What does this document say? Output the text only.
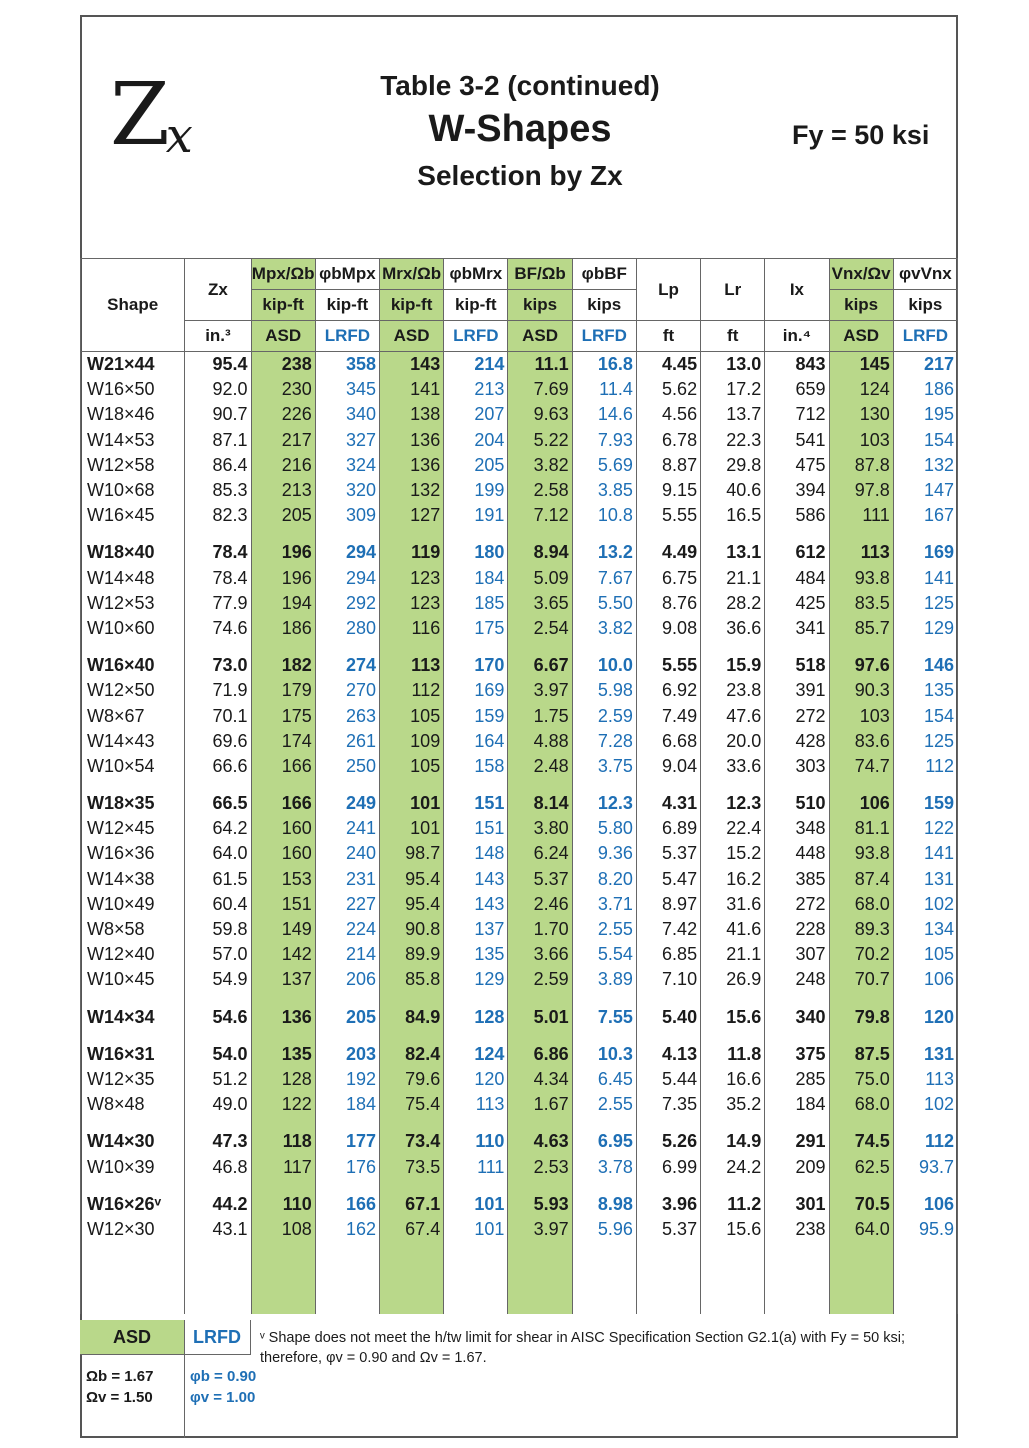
Zx
Table 3-2 (continued)
W-Shapes
Selection by Zx
Fy = 50 ksi
Shape	Zx	Mpx/Ωb	φbMpx	Mrx/Ωb	φbMrx	BF/Ωb	φbBF	Lp	Lr	Ix	Vnx/Ωv	φvVnx
		kip-ft	kip-ft	kip-ft	kip-ft	kips	kips				kips	kips
	in.³	ASD	LRFD	ASD	LRFD	ASD	LRFD	ft	ft	in.⁴	ASD	LRFD
W21×44	95.4	238	358	143	214	11.1	16.8	4.45	13.0	843	145	217
W16×50	92.0	230	345	141	213	7.69	11.4	5.62	17.2	659	124	186
W18×46	90.7	226	340	138	207	9.63	14.6	4.56	13.7	712	130	195
W14×53	87.1	217	327	136	204	5.22	7.93	6.78	22.3	541	103	154
W12×58	86.4	216	324	136	205	3.82	5.69	8.87	29.8	475	87.8	132
W10×68	85.3	213	320	132	199	2.58	3.85	9.15	40.6	394	97.8	147
W16×45	82.3	205	309	127	191	7.12	10.8	5.55	16.5	586	111	167
W18×40	78.4	196	294	119	180	8.94	13.2	4.49	13.1	612	113	169
W14×48	78.4	196	294	123	184	5.09	7.67	6.75	21.1	484	93.8	141
W12×53	77.9	194	292	123	185	3.65	5.50	8.76	28.2	425	83.5	125
W10×60	74.6	186	280	116	175	2.54	3.82	9.08	36.6	341	85.7	129
W16×40	73.0	182	274	113	170	6.67	10.0	5.55	15.9	518	97.6	146
W12×50	71.9	179	270	112	169	3.97	5.98	6.92	23.8	391	90.3	135
W8×67	70.1	175	263	105	159	1.75	2.59	7.49	47.6	272	103	154
W14×43	69.6	174	261	109	164	4.88	7.28	6.68	20.0	428	83.6	125
W10×54	66.6	166	250	105	158	2.48	3.75	9.04	33.6	303	74.7	112
W18×35	66.5	166	249	101	151	8.14	12.3	4.31	12.3	510	106	159
W12×45	64.2	160	241	101	151	3.80	5.80	6.89	22.4	348	81.1	122
W16×36	64.0	160	240	98.7	148	6.24	9.36	5.37	15.2	448	93.8	141
W14×38	61.5	153	231	95.4	143	5.37	8.20	5.47	16.2	385	87.4	131
W10×49	60.4	151	227	95.4	143	2.46	3.71	8.97	31.6	272	68.0	102
W8×58	59.8	149	224	90.8	137	1.70	2.55	7.42	41.6	228	89.3	134
W12×40	57.0	142	214	89.9	135	3.66	5.54	6.85	21.1	307	70.2	105
W10×45	54.9	137	206	85.8	129	2.59	3.89	7.10	26.9	248	70.7	106
W14×34	54.6	136	205	84.9	128	5.01	7.55	5.40	15.6	340	79.8	120
W16×31	54.0	135	203	82.4	124	6.86	10.3	4.13	11.8	375	87.5	131
W12×35	51.2	128	192	79.6	120	4.34	6.45	5.44	16.6	285	75.0	113
W8×48	49.0	122	184	75.4	113	1.67	2.55	7.35	35.2	184	68.0	102
W14×30	47.3	118	177	73.4	110	4.63	6.95	5.26	14.9	291	74.5	112
W10×39	46.8	117	176	73.5	111	2.53	3.78	6.99	24.2	209	62.5	93.7
W16×26ᵛ	44.2	110	166	67.1	101	5.93	8.98	3.96	11.2	301	70.5	106
W12×30	43.1	108	162	67.4	101	3.97	5.96	5.37	15.6	238	64.0	95.9

ASD	LRFD
Ωb = 1.67
Ωv = 1.50
φb = 0.90
φv = 1.00
ᵛ Shape does not meet the h/tw limit for shear in AISC Specification Section G2.1(a) with Fy = 50 ksi; therefore, φv = 0.90 and Ωv = 1.67.
